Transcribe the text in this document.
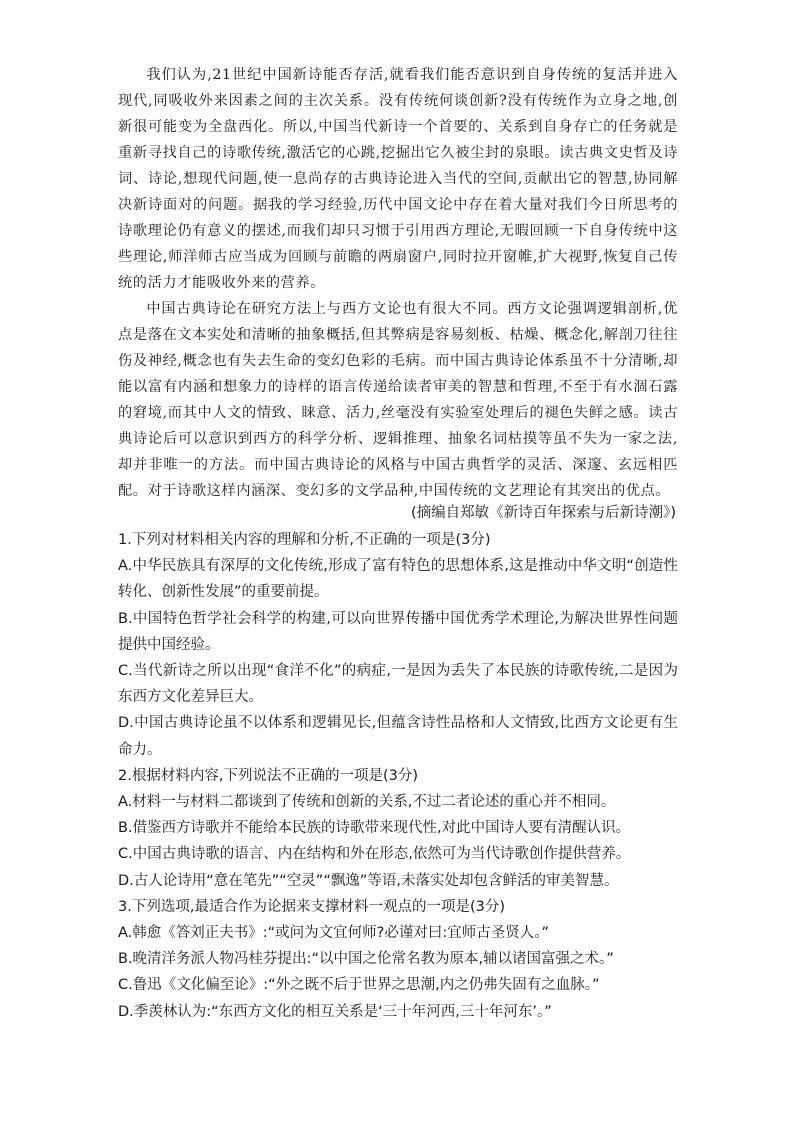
我们认为,21世纪中国新诗能否存活,就看我们能否意识到自身传统的复活并进入现代,同吸收外来因素之间的主次关系。没有传统何谈创新?没有传统作为立身之地,创新很可能变为全盘西化。所以,中国当代新诗一个首要的、关系到自身存亡的任务就是重新寻找自己的诗歌传统,激活它的心跳,挖掘出它久被尘封的泉眼。读古典文史哲及诗词、诗论,想现代问题,使一息尚存的古典诗论进入当代的空间,贡献出它的智慧,协同解决新诗面对的问题。据我的学习经验,历代中国文论中存在着大量对我们今日所思考的诗歌理论仍有意义的摆述,而我们却只习惯于引用西方理论,无暇回顾一下自身传统中这些理论,师洋师古应当成为回顾与前瞻的两扇窗户,同时拉开窗帷,扩大视野,恢复自己传统的活力才能吸收外来的营养。

中国古典诗论在研究方法上与西方文论也有很大不同。西方文论强调逻辑剖析,优点是落在文本实处和清晰的抽象概括,但其弊病是容易刻板、枯燥、概念化,解剖刀往往伤及神经,概念也有失去生命的变幻色彩的毛病。而中国古典诗论体系虽不十分清晰,却能以富有内涵和想象力的诗样的语言传递给读者审美的智慧和哲理,不至于有水涸石露的窘境,而其中人文的情致、睐意、活力,丝毫没有实验室处理后的褪色失鲜之感。读古典诗论后可以意识到西方的科学分析、逻辑推理、抽象名词枯摸等虽不失为一家之法,却并非唯一的方法。而中国古典诗论的风格与中国古典哲学的灵活、深邃、玄远相匹配。对于诗歌这样内涵深、变幻多的文学品种,中国传统的文艺理论有其突出的优点。

(摘编自郑敏《新诗百年探索与后新诗潮》)

1.下列对材料相关内容的理解和分析,不正确的一项是(3分)

A.中华民族具有深厚的文化传统,形成了富有特色的思想体系,这是推动中华文明“创造性转化、创新性发展”的重要前提。

B.中国特色哲学社会科学的构建,可以向世界传播中国优秀学术理论,为解决世界性问题提供中国经验。

C.当代新诗之所以出现“食洋不化”的病症,一是因为丢失了本民族的诗歌传统,二是因为东西方文化差异巨大。

D.中国古典诗论虽不以体系和逻辑见长,但蕴含诗性品格和人文情致,比西方文论更有生命力。

2.根据材料内容,下列说法不正确的一项是(3分)

A.材料一与材料二都谈到了传统和创新的关系,不过二者论述的重心并不相同。

B.借鉴西方诗歌并不能给本民族的诗歌带来现代性,对此中国诗人要有清醒认识。

C.中国古典诗歌的语言、内在结构和外在形态,依然可为当代诗歌创作提供营养。

D.古人论诗用“意在笔先”“空灵”“飘逸”等语,未落实处却包含鲜活的审美智慧。

3.下列选项,最适合作为论据来支撑材料一观点的一项是(3分)

A.韩愈《答刘正夫书》:“或问为文宜何师?必谨对曰:宜师古圣贤人。”

B.晚清洋务派人物冯桂芬提出:“以中国之伦常名教为原本,辅以诸国富强之术。”

C.鲁迅《文化偏至论》:“外之既不后于世界之思潮,内之仍弗失固有之血脉。”

D.季羡林认为:“东西方文化的相互关系是‘三十年河西,三十年河东’。”
